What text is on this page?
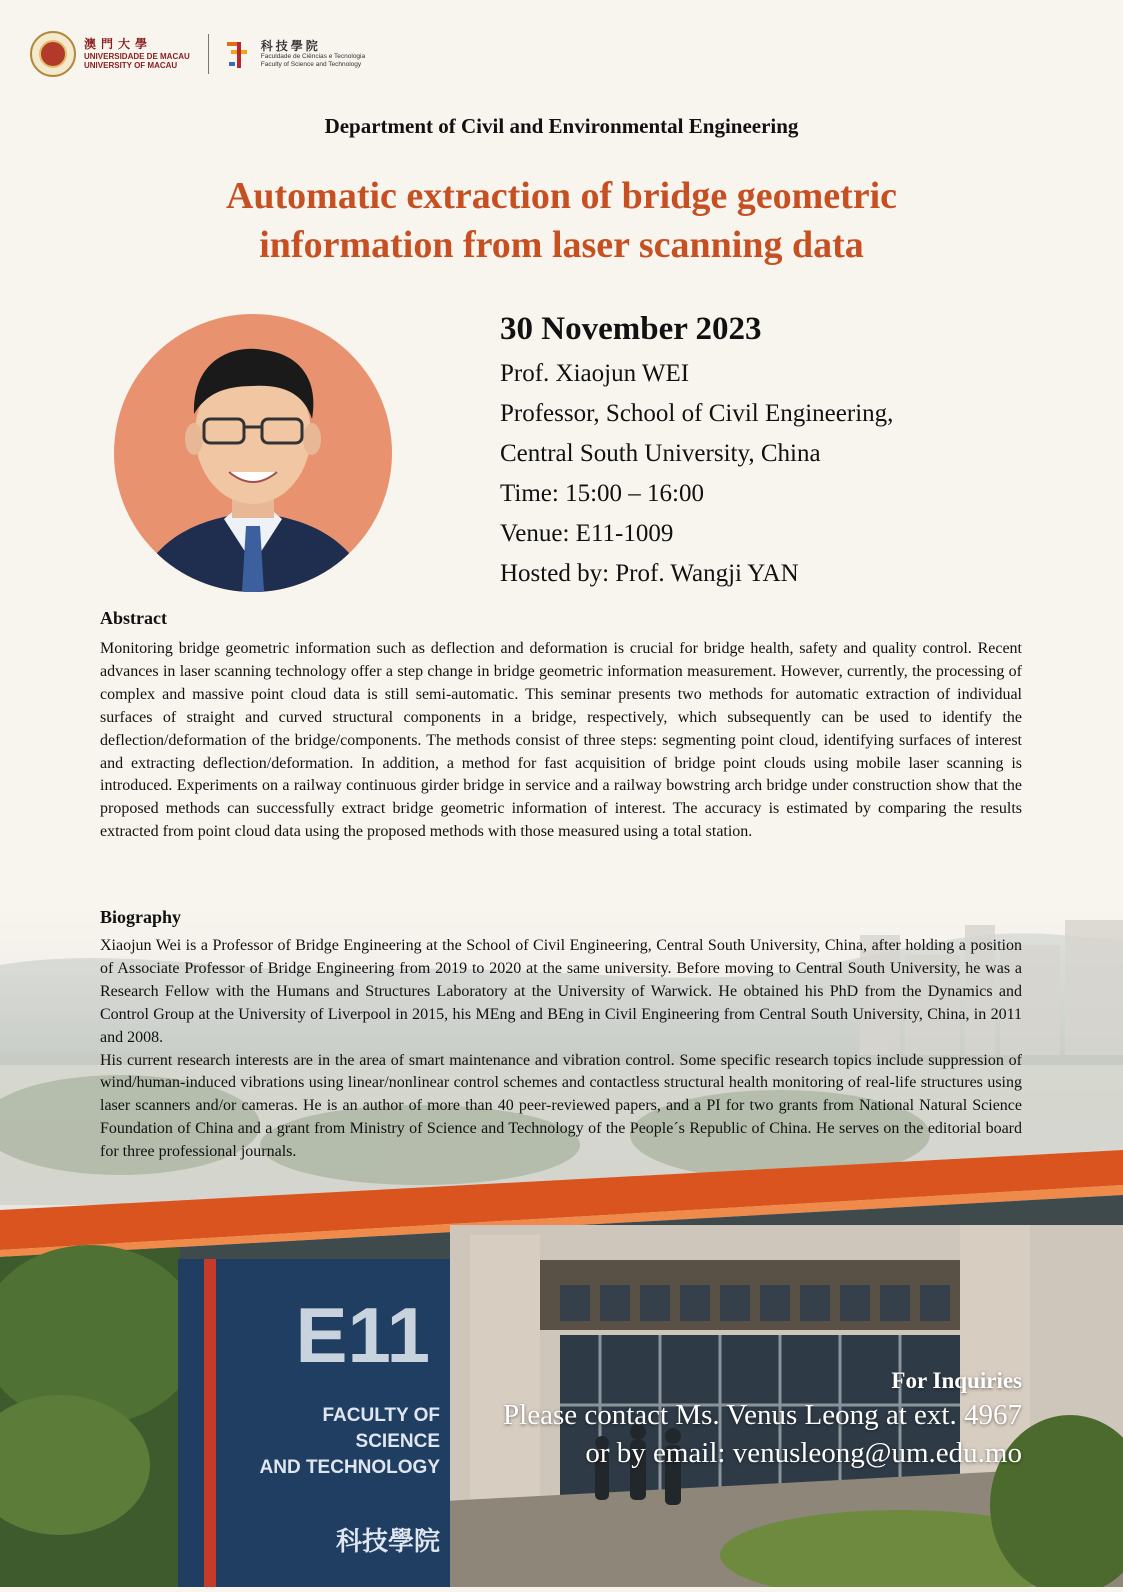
澳門大學
UNIVERSIDADE DE MACAU
UNIVERSITY OF MACAU
科技學院
Faculdade de Ciências e Tecnologia
Faculty of Science and Technology
Department of Civil and Environmental Engineering
Automatic extraction of bridge geometric
information from laser scanning data
30 November 2023
Prof. Xiaojun WEI
Professor, School of Civil Engineering,
Central South University, China
Time: 15:00 – 16:00
Venue: E11-1009
Hosted by: Prof. Wangji YAN
Abstract
Monitoring bridge geometric information such as deflection and deformation is crucial for bridge health, safety and quality control. Recent advances in laser scanning technology offer a step change in bridge geometric information measurement. However, currently, the processing of complex and massive point cloud data is still semi-automatic. This seminar presents two methods for automatic extraction of individual surfaces of straight and curved structural components in a bridge, respectively, which subsequently can be used to identify the deflection/deformation of the bridge/components. The methods consist of three steps: segmenting point cloud, identifying surfaces of interest and extracting deflection/deformation. In addition, a method for fast acquisition of bridge point clouds using mobile laser scanning is introduced. Experiments on a railway continuous girder bridge in service and a railway bowstring arch bridge under construction show that the proposed methods can successfully extract bridge geometric information of interest. The accuracy is estimated by comparing the results extracted from point cloud data using the proposed methods with those measured using a total station.
E11
FACULTY OF SCIENCE
AND TECHNOLOGY
科技學院
Biography
Xiaojun Wei is a Professor of Bridge Engineering at the School of Civil Engineering, Central South University, China, after holding a position of Associate Professor of Bridge Engineering from 2019 to 2020 at the same university. Before moving to Central South University, he was a Research Fellow with the Humans and Structures Laboratory at the University of Warwick. He obtained his PhD from the Dynamics and Control Group at the University of Liverpool in 2015, his MEng and BEng in Civil Engineering from Central South University, China, in 2011 and 2008.
His current research interests are in the area of smart maintenance and vibration control. Some specific research topics include suppression of wind/human-induced vibrations using linear/nonlinear control schemes and contactless structural health monitoring of real-life structures using laser scanners and/or cameras. He is an author of more than 40 peer-reviewed papers, and a PI for two grants from National Natural Science Foundation of China and a grant from Ministry of Science and Technology of the People´s Republic of China. He serves on the editorial board for three professional journals.
For Inquiries
Please contact Ms. Venus Leong at ext. 4967
or by email: venusleong@um.edu.mo
